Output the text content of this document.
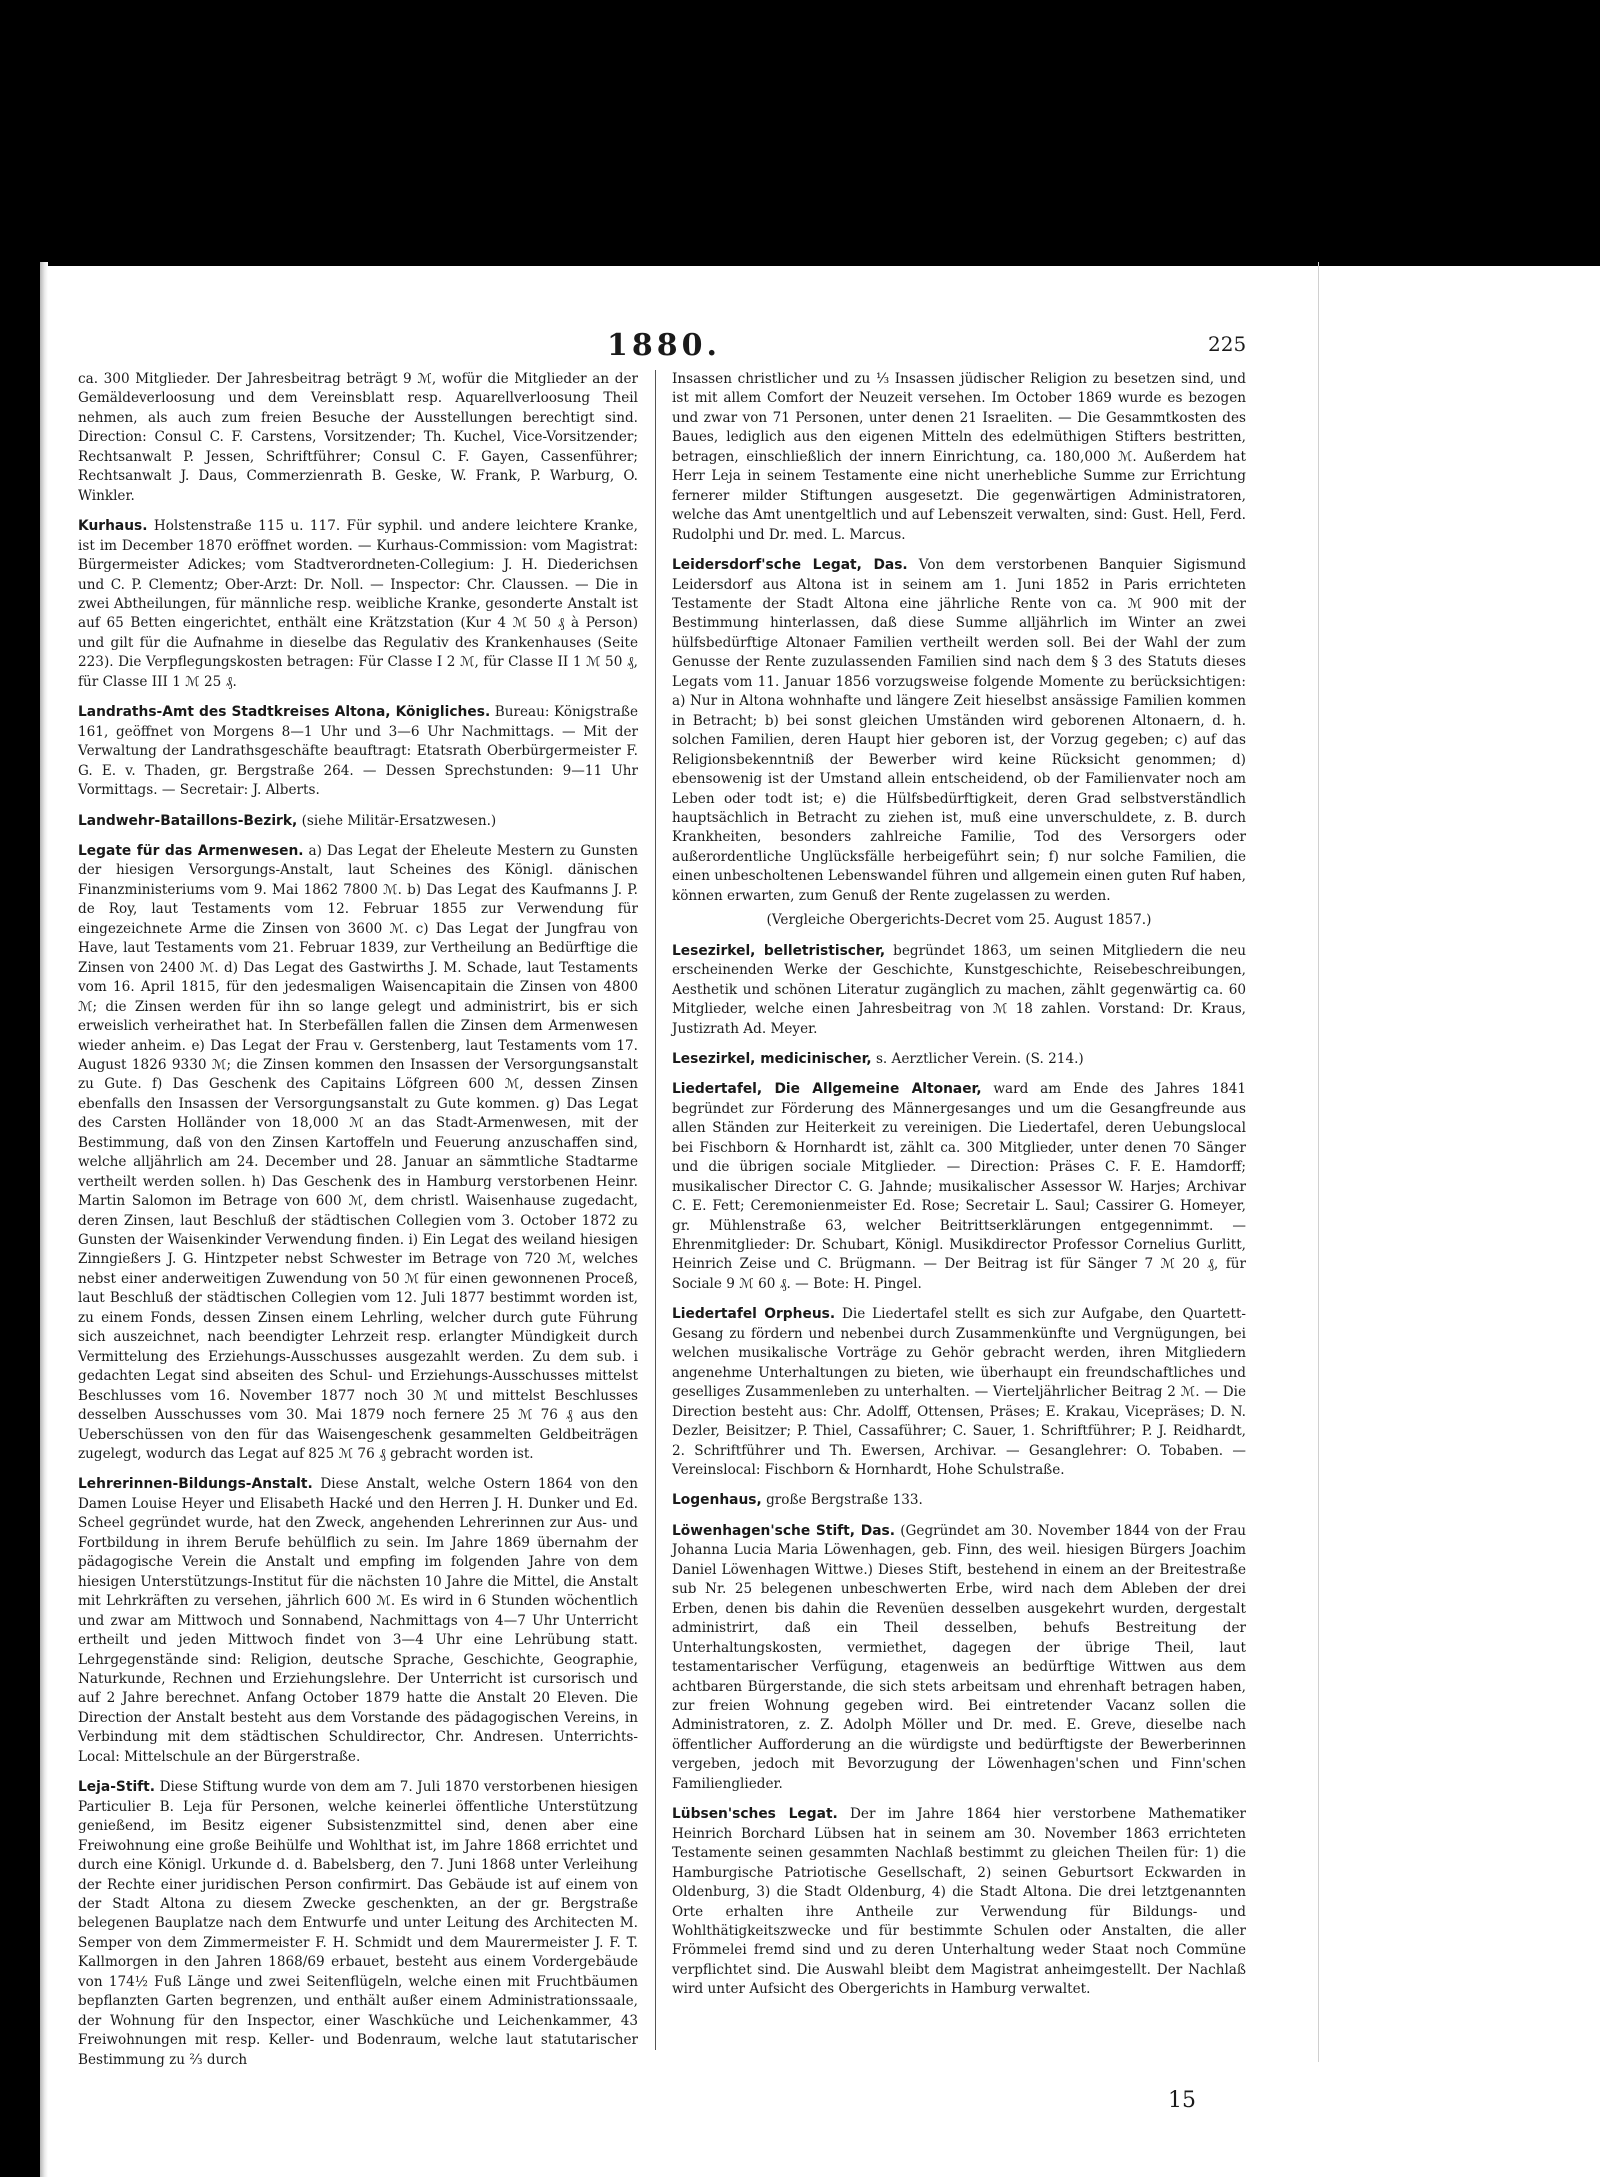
1880.	225

ca. 300 Mitglieder. Der Jahresbeitrag beträgt 9 ℳ, wofür die Mitglieder an der Gemäldeverloosung und dem Vereinsblatt resp. Aquarellverloosung Theil nehmen, als auch zum freien Besuche der Ausstellungen berechtigt sind. Direction: Consul C. F. Carstens, Vorsitzender; Th. Kuchel, Vice-Vorsitzender; Rechtsanwalt P. Jessen, Schriftführer; Consul C. F. Gayen, Cassenführer; Rechtsanwalt J. Daus, Commerzienrath B. Geske, W. Frank, P. Warburg, O. Winkler.

Kurhaus. Holstenstraße 115 u. 117. Für syphil. und andere leichtere Kranke, ist im December 1870 eröffnet worden. — Kurhaus-Commission: vom Magistrat: Bürgermeister Adickes; vom Stadtverordneten-Collegium: J. H. Diederichsen und C. P. Clementz; Ober-Arzt: Dr. Noll. — Inspector: Chr. Claussen. — Die in zwei Abtheilungen, für männliche resp. weibliche Kranke, gesonderte Anstalt ist auf 65 Betten eingerichtet, enthält eine Krätzstation (Kur 4 ℳ 50 ₰ à Person) und gilt für die Aufnahme in dieselbe das Regulativ des Krankenhauses (Seite 223). Die Verpflegungskosten betragen: Für Classe I 2 ℳ, für Classe II 1 ℳ 50 ₰, für Classe III 1 ℳ 25 ₰.

Landraths-Amt des Stadtkreises Altona, Königliches. Bureau: Königstraße 161, geöffnet von Morgens 8—1 Uhr und 3—6 Uhr Nachmittags. — Mit der Verwaltung der Landrathsgeschäfte beauftragt: Etatsrath Oberbürgermeister F. G. E. v. Thaden, gr. Bergstraße 264. — Dessen Sprechstunden: 9—11 Uhr Vormittags. — Secretair: J. Alberts.

Landwehr-Bataillons-Bezirk, (siehe Militär-Ersatzwesen.)

Legate für das Armenwesen. a) Das Legat der Eheleute Mestern zu Gunsten der hiesigen Versorgungs-Anstalt, laut Scheines des Königl. dänischen Finanzministeriums vom 9. Mai 1862 7800 ℳ. b) Das Legat des Kaufmanns J. P. de Roy, laut Testaments vom 12. Februar 1855 zur Verwendung für eingezeichnete Arme die Zinsen von 3600 ℳ. c) Das Legat der Jungfrau von Have, laut Testaments vom 21. Februar 1839, zur Vertheilung an Bedürftige die Zinsen von 2400 ℳ. d) Das Legat des Gastwirths J. M. Schade, laut Testaments vom 16. April 1815, für den jedesmaligen Waisencapitain die Zinsen von 4800 ℳ; die Zinsen werden für ihn so lange gelegt und administrirt, bis er sich erweislich verheirathet hat. In Sterbefällen fallen die Zinsen dem Armenwesen wieder anheim. e) Das Legat der Frau v. Gerstenberg, laut Testaments vom 17. August 1826 9330 ℳ; die Zinsen kommen den Insassen der Versorgungsanstalt zu Gute. f) Das Geschenk des Capitains Löfgreen 600 ℳ, dessen Zinsen ebenfalls den Insassen der Versorgungsanstalt zu Gute kommen. g) Das Legat des Carsten Holländer von 18,000 ℳ an das Stadt-Armenwesen, mit der Bestimmung, daß von den Zinsen Kartoffeln und Feuerung anzuschaffen sind, welche alljährlich am 24. December und 28. Januar an sämmtliche Stadtarme vertheilt werden sollen. h) Das Geschenk des in Hamburg verstorbenen Heinr. Martin Salomon im Betrage von 600 ℳ, dem christl. Waisenhause zugedacht, deren Zinsen, laut Beschluß der städtischen Collegien vom 3. October 1872 zu Gunsten der Waisenkinder Verwendung finden. i) Ein Legat des weiland hiesigen Zinngießers J. G. Hintzpeter nebst Schwester im Betrage von 720 ℳ, welches nebst einer anderweitigen Zuwendung von 50 ℳ für einen gewonnenen Proceß, laut Beschluß der städtischen Collegien vom 12. Juli 1877 bestimmt worden ist, zu einem Fonds, dessen Zinsen einem Lehrling, welcher durch gute Führung sich auszeichnet, nach beendigter Lehrzeit resp. erlangter Mündigkeit durch Vermittelung des Erziehungs-Ausschusses ausgezahlt werden. Zu dem sub. i gedachten Legat sind abseiten des Schul- und Erziehungs-Ausschusses mittelst Beschlusses vom 16. November 1877 noch 30 ℳ und mittelst Beschlusses desselben Ausschusses vom 30. Mai 1879 noch fernere 25 ℳ 76 ₰ aus den Ueberschüssen von den für das Waisengeschenk gesammelten Geldbeiträgen zugelegt, wodurch das Legat auf 825 ℳ 76 ₰ gebracht worden ist.

Lehrerinnen-Bildungs-Anstalt. Diese Anstalt, welche Ostern 1864 von den Damen Louise Heyer und Elisabeth Hacké und den Herren J. H. Dunker und Ed. Scheel gegründet wurde, hat den Zweck, angehenden Lehrerinnen zur Aus- und Fortbildung in ihrem Berufe behülflich zu sein. Im Jahre 1869 übernahm der pädagogische Verein die Anstalt und empfing im folgenden Jahre von dem hiesigen Unterstützungs-Institut für die nächsten 10 Jahre die Mittel, die Anstalt mit Lehrkräften zu versehen, jährlich 600 ℳ. Es wird in 6 Stunden wöchentlich und zwar am Mittwoch und Sonnabend, Nachmittags von 4—7 Uhr Unterricht ertheilt und jeden Mittwoch findet von 3—4 Uhr eine Lehrübung statt. Lehrgegenstände sind: Religion, deutsche Sprache, Geschichte, Geographie, Naturkunde, Rechnen und Erziehungslehre. Der Unterricht ist cursorisch und auf 2 Jahre berechnet. Anfang October 1879 hatte die Anstalt 20 Eleven. Die Direction der Anstalt besteht aus dem Vorstande des pädagogischen Vereins, in Verbindung mit dem städtischen Schuldirector, Chr. Andresen. Unterrichts-Local: Mittelschule an der Bürgerstraße.

Leja-Stift. Diese Stiftung wurde von dem am 7. Juli 1870 verstorbenen hiesigen Particulier B. Leja für Personen, welche keinerlei öffentliche Unterstützung genießend, im Besitz eigener Subsistenzmittel sind, denen aber eine Freiwohnung eine große Beihülfe und Wohlthat ist, im Jahre 1868 errichtet und durch eine Königl. Urkunde d. d. Babelsberg, den 7. Juni 1868 unter Verleihung der Rechte einer juridischen Person confirmirt. Das Gebäude ist auf einem von der Stadt Altona zu diesem Zwecke geschenkten, an der gr. Bergstraße belegenen Bauplatze nach dem Entwurfe und unter Leitung des Architecten M. Semper von dem Zimmermeister F. H. Schmidt und dem Maurermeister J. F. T. Kallmorgen in den Jahren 1868/69 erbauet, besteht aus einem Vordergebäude von 174½ Fuß Länge und zwei Seitenflügeln, welche einen mit Fruchtbäumen bepflanzten Garten begrenzen, und enthält außer einem Administrationssaale, der Wohnung für den Inspector, einer Waschküche und Leichenkammer, 43 Freiwohnungen mit resp. Keller- und Bodenraum, welche laut statutarischer Bestimmung zu ⅔ durch

Insassen christlicher und zu ⅓ Insassen jüdischer Religion zu besetzen sind, und ist mit allem Comfort der Neuzeit versehen. Im October 1869 wurde es bezogen und zwar von 71 Personen, unter denen 21 Israeliten. — Die Gesammtkosten des Baues, lediglich aus den eigenen Mitteln des edelmüthigen Stifters bestritten, betragen, einschließlich der innern Einrichtung, ca. 180,000 ℳ. Außerdem hat Herr Leja in seinem Testamente eine nicht unerhebliche Summe zur Errichtung fernerer milder Stiftungen ausgesetzt. Die gegenwärtigen Administratoren, welche das Amt unentgeltlich und auf Lebenszeit verwalten, sind: Gust. Hell, Ferd. Rudolphi und Dr. med. L. Marcus.

Leidersdorf'sche Legat, Das. Von dem verstorbenen Banquier Sigismund Leidersdorf aus Altona ist in seinem am 1. Juni 1852 in Paris errichteten Testamente der Stadt Altona eine jährliche Rente von ca. ℳ 900 mit der Bestimmung hinterlassen, daß diese Summe alljährlich im Winter an zwei hülfsbedürftige Altonaer Familien vertheilt werden soll. Bei der Wahl der zum Genusse der Rente zuzulassenden Familien sind nach dem § 3 des Statuts dieses Legats vom 11. Januar 1856 vorzugsweise folgende Momente zu berücksichtigen: a) Nur in Altona wohnhafte und längere Zeit hieselbst ansässige Familien kommen in Betracht; b) bei sonst gleichen Umständen wird geborenen Altonaern, d. h. solchen Familien, deren Haupt hier geboren ist, der Vorzug gegeben; c) auf das Religionsbekenntniß der Bewerber wird keine Rücksicht genommen; d) ebensowenig ist der Umstand allein entscheidend, ob der Familienvater noch am Leben oder todt ist; e) die Hülfsbedürftigkeit, deren Grad selbstverständlich hauptsächlich in Betracht zu ziehen ist, muß eine unverschuldete, z. B. durch Krankheiten, besonders zahlreiche Familie, Tod des Versorgers oder außerordentliche Unglücksfälle herbeigeführt sein; f) nur solche Familien, die einen unbescholtenen Lebenswandel führen und allgemein einen guten Ruf haben, können erwarten, zum Genuß der Rente zugelassen zu werden.

(Vergleiche Obergerichts-Decret vom 25. August 1857.)

Lesezirkel, belletristischer, begründet 1863, um seinen Mitgliedern die neu erscheinenden Werke der Geschichte, Kunstgeschichte, Reisebeschreibungen, Aesthetik und schönen Literatur zugänglich zu machen, zählt gegenwärtig ca. 60 Mitglieder, welche einen Jahresbeitrag von ℳ 18 zahlen. Vorstand: Dr. Kraus, Justizrath Ad. Meyer.

Lesezirkel, medicinischer, s. Aerztlicher Verein. (S. 214.)

Liedertafel, Die Allgemeine Altonaer, ward am Ende des Jahres 1841 begründet zur Förderung des Männergesanges und um die Gesangfreunde aus allen Ständen zur Heiterkeit zu vereinigen. Die Liedertafel, deren Uebungslocal bei Fischborn & Hornhardt ist, zählt ca. 300 Mitglieder, unter denen 70 Sänger und die übrigen sociale Mitglieder. — Direction: Präses C. F. E. Hamdorff; musikalischer Director C. G. Jahnde; musikalischer Assessor W. Harjes; Archivar C. E. Fett; Ceremonienmeister Ed. Rose; Secretair L. Saul; Cassirer G. Homeyer, gr. Mühlenstraße 63, welcher Beitrittserklärungen entgegennimmt. — Ehrenmitglieder: Dr. Schubart, Königl. Musikdirector Professor Cornelius Gurlitt, Heinrich Zeise und C. Brügmann. — Der Beitrag ist für Sänger 7 ℳ 20 ₰, für Sociale 9 ℳ 60 ₰. — Bote: H. Pingel.

Liedertafel Orpheus. Die Liedertafel stellt es sich zur Aufgabe, den Quartett-Gesang zu fördern und nebenbei durch Zusammenkünfte und Vergnügungen, bei welchen musikalische Vorträge zu Gehör gebracht werden, ihren Mitgliedern angenehme Unterhaltungen zu bieten, wie überhaupt ein freundschaftliches und geselliges Zusammenleben zu unterhalten. — Vierteljährlicher Beitrag 2 ℳ. — Die Direction besteht aus: Chr. Adolff, Ottensen, Präses; E. Krakau, Vicepräses; D. N. Dezler, Beisitzer; P. Thiel, Cassaführer; C. Sauer, 1. Schriftführer; P. J. Reidhardt, 2. Schriftführer und Th. Ewersen, Archivar. — Gesanglehrer: O. Tobaben. — Vereinslocal: Fischborn & Hornhardt, Hohe Schulstraße.

Logenhaus, große Bergstraße 133.

Löwenhagen'sche Stift, Das. (Gegründet am 30. November 1844 von der Frau Johanna Lucia Maria Löwenhagen, geb. Finn, des weil. hiesigen Bürgers Joachim Daniel Löwenhagen Wittwe.) Dieses Stift, bestehend in einem an der Breitestraße sub Nr. 25 belegenen unbeschwerten Erbe, wird nach dem Ableben der drei Erben, denen bis dahin die Revenüen desselben ausgekehrt wurden, dergestalt administrirt, daß ein Theil desselben, behufs Bestreitung der Unterhaltungskosten, vermiethet, dagegen der übrige Theil, laut testamentarischer Verfügung, etagenweis an bedürftige Wittwen aus dem achtbaren Bürgerstande, die sich stets arbeitsam und ehrenhaft betragen haben, zur freien Wohnung gegeben wird. Bei eintretender Vacanz sollen die Administratoren, z. Z. Adolph Möller und Dr. med. E. Greve, dieselbe nach öffentlicher Aufforderung an die würdigste und bedürftigste der Bewerberinnen vergeben, jedoch mit Bevorzugung der Löwenhagen'schen und Finn'schen Familienglieder.

Lübsen'sches Legat. Der im Jahre 1864 hier verstorbene Mathematiker Heinrich Borchard Lübsen hat in seinem am 30. November 1863 errichteten Testamente seinen gesammten Nachlaß bestimmt zu gleichen Theilen für: 1) die Hamburgische Patriotische Gesellschaft, 2) seinen Geburtsort Eckwarden in Oldenburg, 3) die Stadt Oldenburg, 4) die Stadt Altona. Die drei letztgenannten Orte erhalten ihre Antheile zur Verwendung für Bildungs- und Wohlthätigkeitszwecke und für bestimmte Schulen oder Anstalten, die aller Frömmelei fremd sind und zu deren Unterhaltung weder Staat noch Commüne verpflichtet sind. Die Auswahl bleibt dem Magistrat anheimgestellt. Der Nachlaß wird unter Aufsicht des Obergerichts in Hamburg verwaltet.

15
